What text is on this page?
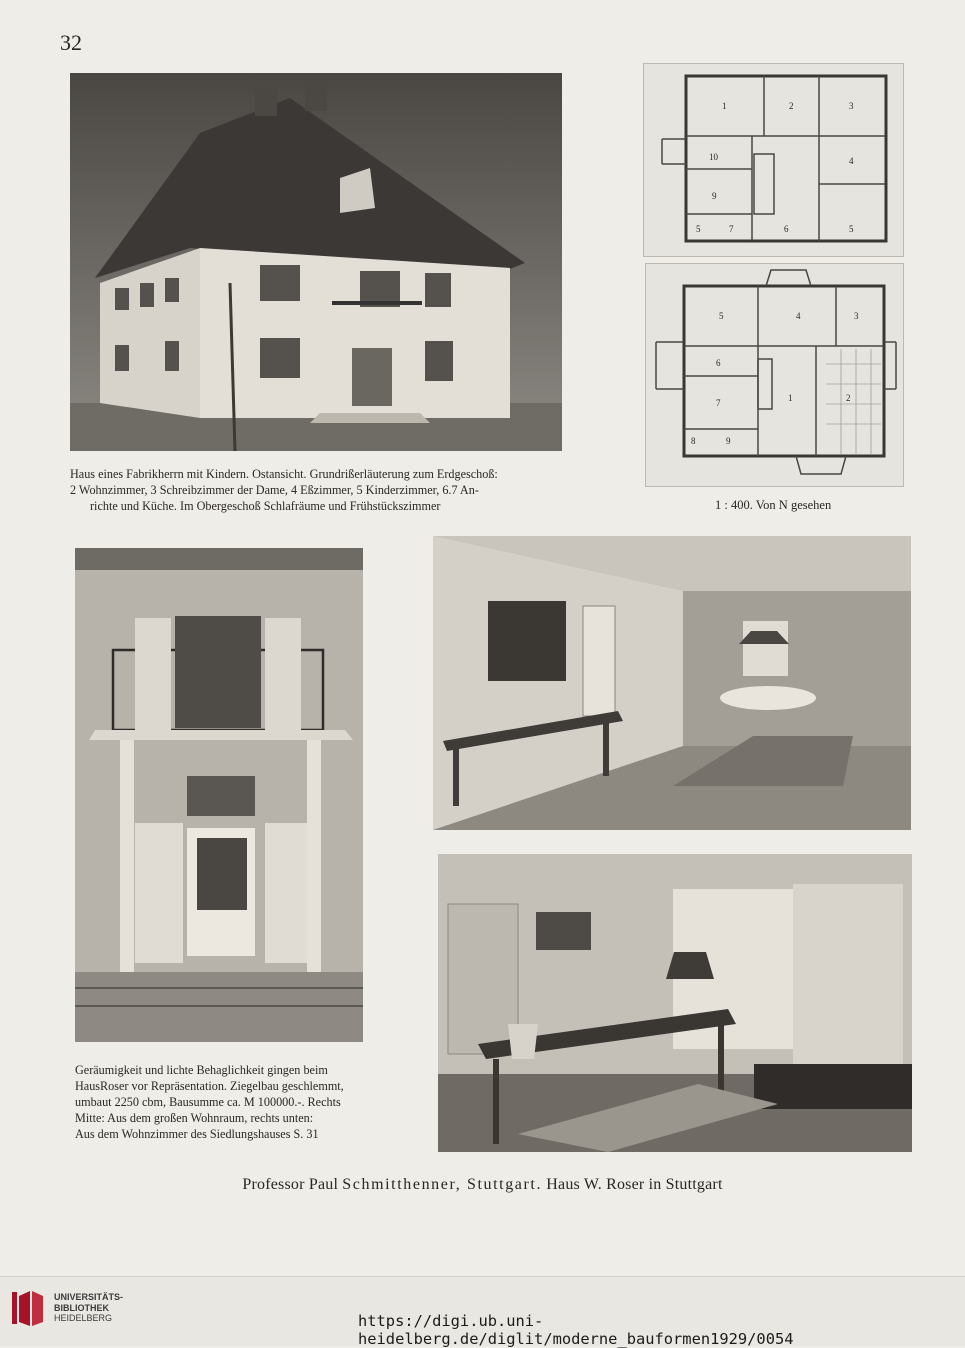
32
1	2	3
10	4
9
5	7	6	5
5	4	3
6
7	1	2
8	9
Haus eines Fabrikherrn mit Kindern. Ostansicht. Grundrißerläuterung zum Erdgeschoß:
2 Wohnzimmer, 3 Schreibzimmer der Dame, 4 Eßzimmer, 5 Kinderzimmer, 6.7 An-
richte und Küche. Im Obergeschoß Schlafräume und Frühstückszimmer	1 : 400. Von N gesehen
Geräumigkeit und lichte Behaglichkeit gingen beim
HausRoser vor Repräsentation. Ziegelbau geschlemmt,
umbaut 2250 cbm, Bausumme ca. M 100000.-. Rechts
Mitte: Aus dem großen Wohnraum, rechts unten:
Aus dem Wohnzimmer des Siedlungshauses S. 31
Professor Paul Schmitthenner, Stuttgart. Haus W. Roser in Stuttgart
UNIVERSITÄTS-
BIBLIOTHEK
HEIDELBERG	https://digi.ub.uni-heidelberg.de/diglit/moderne_bauformen1929/0054
